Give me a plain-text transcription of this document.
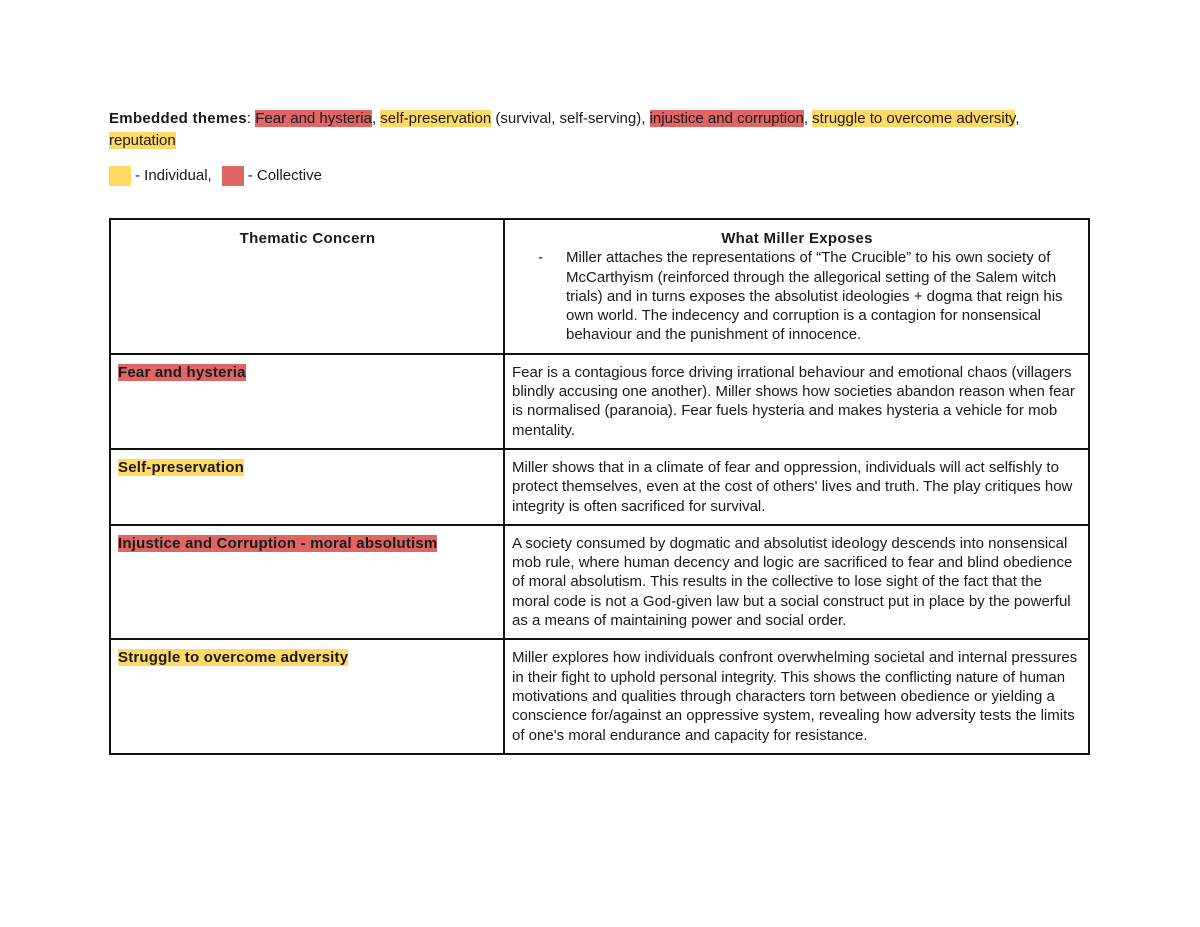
Embedded themes: Fear and hysteria, self-preservation (survival, self-serving), injustice and corruption, struggle to overcome adversity, reputation

- Individual, - Collective
Thematic Concern	What Miller Exposes
- Miller attaches the representations of “The Crucible” to his own society of McCarthyism (reinforced through the allegorical setting of the Salem witch trials) and in turns exposes the absolutist ideologies + dogma that reign his own world. The indecency and corruption is a contagion for nonsensical behaviour and the punishment of innocence.

Fear and hysteria	Fear is a contagious force driving irrational behaviour and emotional chaos (villagers blindly accusing one another). Miller shows how societies abandon reason when fear is normalised (paranoia). Fear fuels hysteria and makes hysteria a vehicle for mob mentality.
Self-preservation	Miller shows that in a climate of fear and oppression, individuals will act selfishly to protect themselves, even at the cost of others' lives and truth. The play critiques how integrity is often sacrificed for survival.
Injustice and Corruption - moral absolutism	A society consumed by dogmatic and absolutist ideology descends into nonsensical mob rule, where human decency and logic are sacrificed to fear and blind obedience of moral absolutism. This results in the collective to lose sight of the fact that the moral code is not a God-given law but a social construct put in place by the powerful as a means of maintaining power and social order.
Struggle to overcome adversity	Miller explores how individuals confront overwhelming societal and internal pressures in their fight to uphold personal integrity. This shows the conflicting nature of human motivations and qualities through characters torn between obedience or yielding a conscience for/against an oppressive system, revealing how adversity tests the limits of one's moral endurance and capacity for resistance.
